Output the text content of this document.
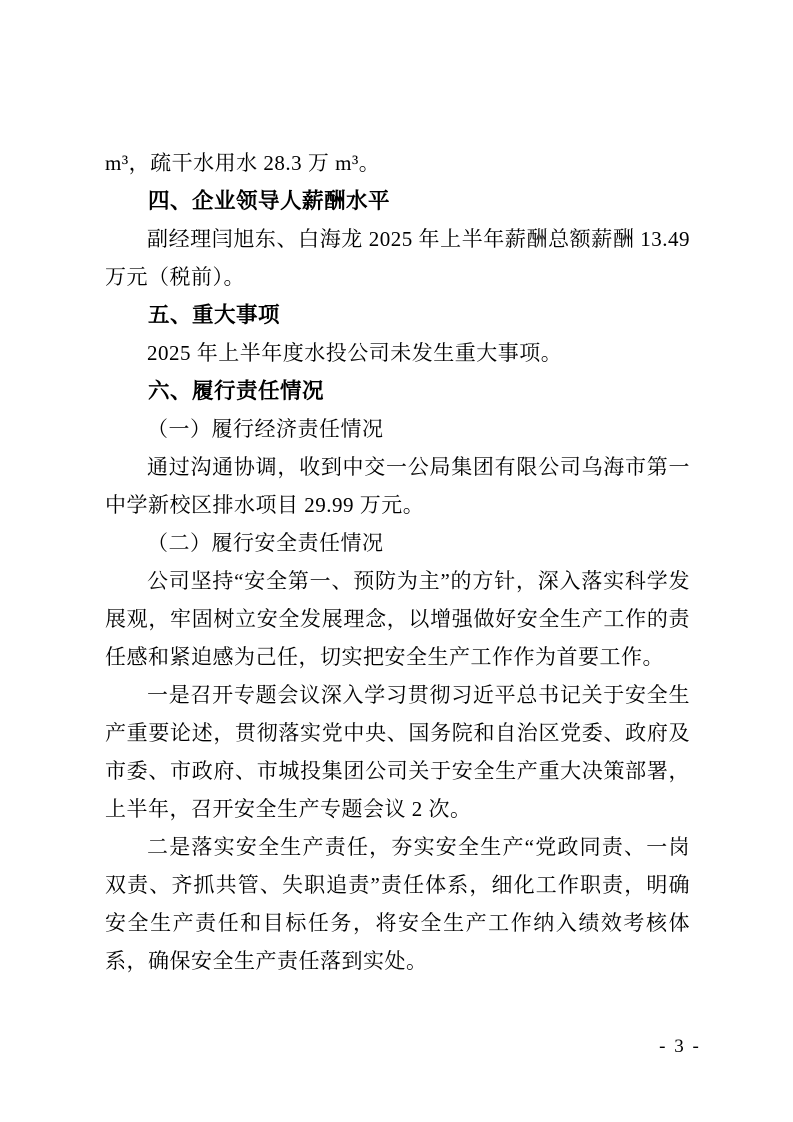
m³，疏干水用水 28.3 万 m³。

四、企业领导人薪酬水平

副经理闫旭东、白海龙 2025 年上半年薪酬总额薪酬 13.49 万元（税前）。

五、重大事项

2025 年上半年度水投公司未发生重大事项。

六、履行责任情况

（一）履行经济责任情况

通过沟通协调，收到中交一公局集团有限公司乌海市第一中学新校区排水项目 29.99 万元。

（二）履行安全责任情况

公司坚持“安全第一、预防为主”的方针，深入落实科学发展观，牢固树立安全发展理念，以增强做好安全生产工作的责任感和紧迫感为己任，切实把安全生产工作作为首要工作。

一是召开专题会议深入学习贯彻习近平总书记关于安全生产重要论述，贯彻落实党中央、国务院和自治区党委、政府及市委、市政府、市城投集团公司关于安全生产重大决策部署，上半年，召开安全生产专题会议 2 次。

二是落实安全生产责任，夯实安全生产“党政同责、一岗双责、齐抓共管、失职追责”责任体系，细化工作职责，明确安全生产责任和目标任务，将安全生产工作纳入绩效考核体系，确保安全生产责任落到实处。

- 3 -
